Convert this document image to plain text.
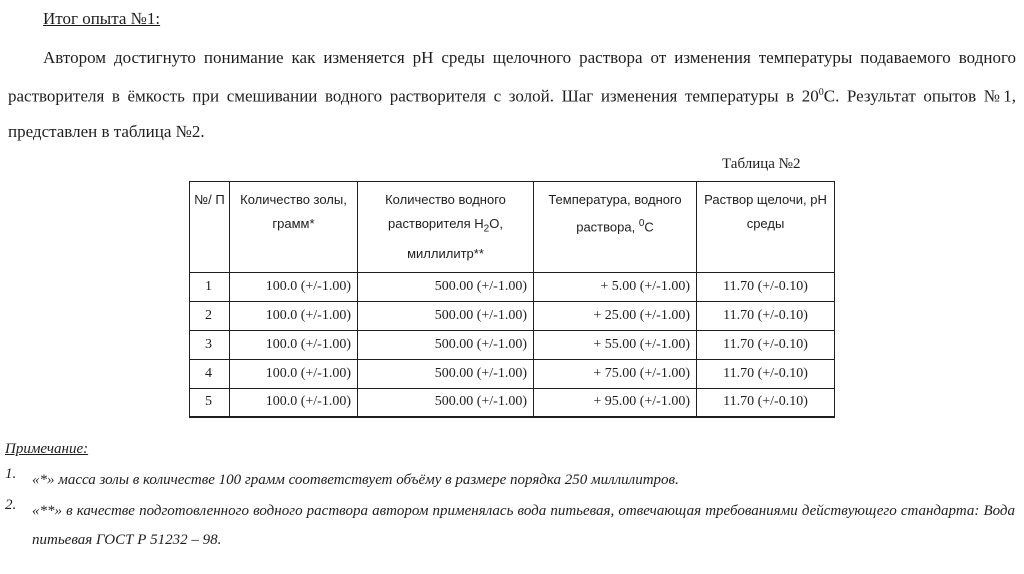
Итог опыта №1:

Автором достигнуто понимание как изменяется pH среды щелочного раствора от изменения температуры подаваемого водного растворителя в ёмкость при смешивании водного растворителя с золой. Шаг изменения температуры в $20^0С$. Результат опытов №1, представлен в таблица №2.

Таблица №2
№/ П	Количество золы, грамм*	Количество водного растворителя $H_2O$, миллилитр**	Температура, водного раствора, $^0$С	Раствор щелочи, pH среды
1	100.0 (+/-1.00)	500.00 (+/-1.00)	+ 5.00 (+/-1.00)	11.70 (+/-0.10)
2	100.0 (+/-1.00)	500.00 (+/-1.00)	+ 25.00 (+/-1.00)	11.70 (+/-0.10)
3	100.0 (+/-1.00)	500.00 (+/-1.00)	+ 55.00 (+/-1.00)	11.70 (+/-0.10)
4	100.0 (+/-1.00)	500.00 (+/-1.00)	+ 75.00 (+/-1.00)	11.70 (+/-0.10)
5	100.0 (+/-1.00)	500.00 (+/-1.00)	+ 95.00 (+/-1.00)	11.70 (+/-0.10)
Примечание:

1.	«*» масса золы в количестве 100 грамм соответствует объёму в размере порядка 250 миллилитров.

2.	«**» в качестве подготовленного водного раствора автором применялась вода питьевая, отвечающая требованиями действующего стандарта: Вода питьевая ГОСТ Р 51232 – 98.
